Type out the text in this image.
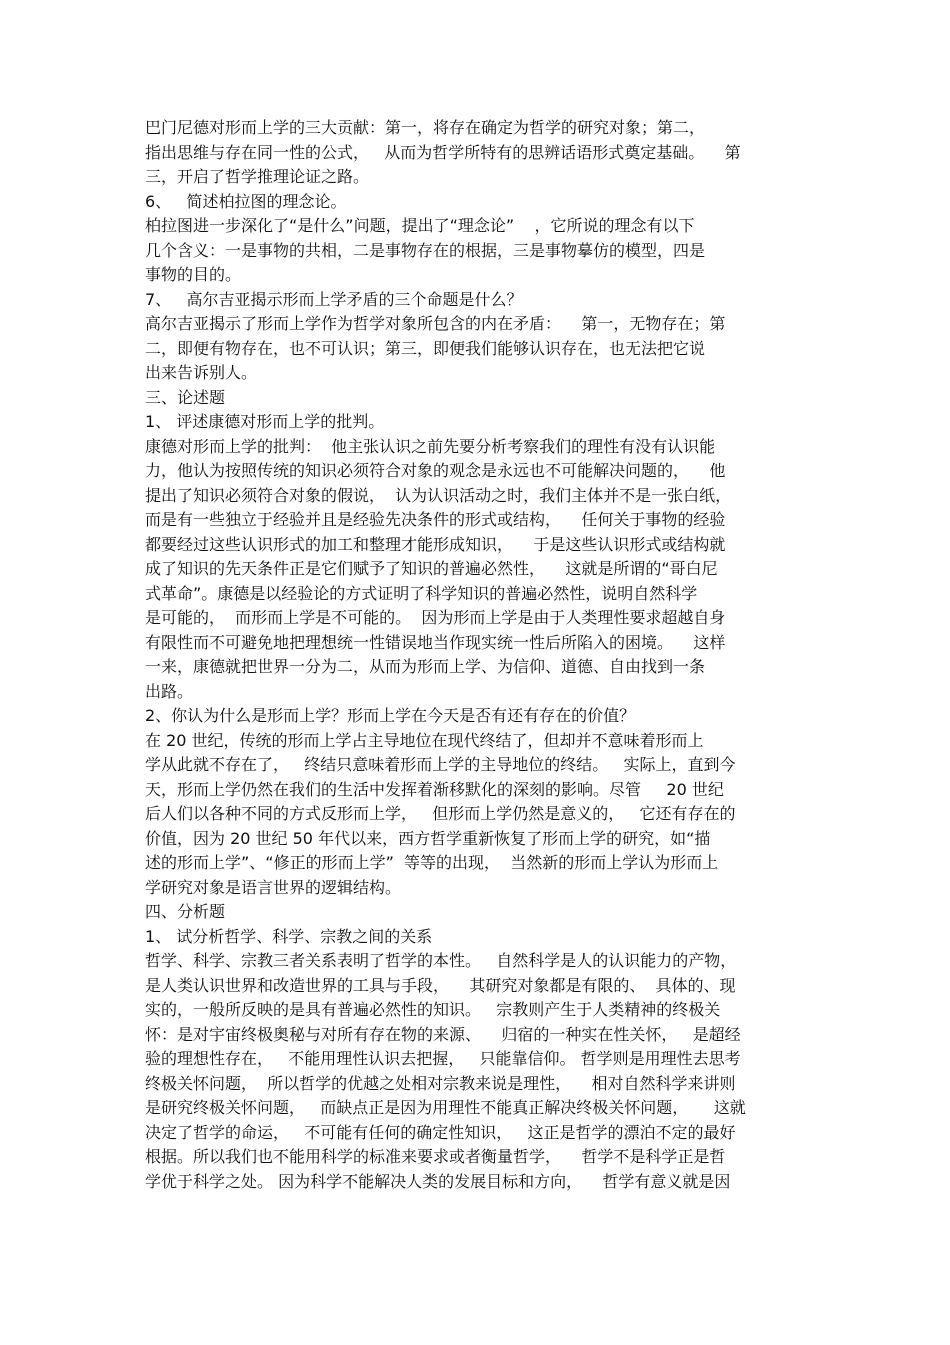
巴门尼德对形而上学的三大贡献：第一，将存在确定为哲学的研究对象；第二，
指出思维与存在同一性的公式，   从而为哲学所特有的思辨话语形式奠定基础。    第
三，开启了哲学推理论证之路。
6、   简述柏拉图的理念论。
柏拉图进一步深化了“是什么”问题，提出了“理念论”    ，它所说的理念有以下
几个含义：一是事物的共相，二是事物存在的根据，三是事物摹仿的模型，四是
事物的目的。
7、   高尔吉亚揭示形而上学矛盾的三个命题是什么？
高尔吉亚揭示了形而上学作为哲学对象所包含的内在矛盾：    第一，无物存在；第
二，即便有物存在，也不可认识；第三，即便我们能够认识存在，也无法把它说
出来告诉别人。
三、论述题
1、 评述康德对形而上学的批判。
康德对形而上学的批判：  他主张认识之前先要分析考察我们的理性有没有认识能
力，他认为按照传统的知识必须符合对象的观念是永远也不可能解决问题的，    他
提出了知识必须符合对象的假说，  认为认识活动之时，我们主体并不是一张白纸，
而是有一些独立于经验并且是经验先决条件的形式或结构，    任何关于事物的经验
都要经过这些认识形式的加工和整理才能形成知识，    于是这些认识形式或结构就
成了知识的先天条件正是它们赋予了知识的普遍必然性，    这就是所谓的“哥白尼
式革命”。康德是以经验论的方式证明了科学知识的普遍必然性，说明自然科学
是可能的，  而形而上学是不可能的。  因为形而上学是由于人类理性要求超越自身
有限性而不可避免地把理想统一性错误地当作现实统一性后所陷入的困境。    这样
一来，康德就把世界一分为二，从而为形而上学、为信仰、道德、自由找到一条
出路。
2、你认为什么是形而上学？形而上学在今天是否有还有存在的价值？
在 20 世纪，传统的形而上学占主导地位在现代终结了，但却并不意味着形而上
学从此就不存在了，   终结只意味着形而上学的主导地位的终结。   实际上，直到今
天，形而上学仍然在我们的生活中发挥着渐移默化的深刻的影响。尽管     20 世纪
后人们以各种不同的方式反形而上学，   但形而上学仍然是意义的，   它还有存在的
价值，因为 20 世纪 50 年代以来，西方哲学重新恢复了形而上学的研究，如“描
述的形而上学”、“修正的形而上学”  等等的出现，  当然新的形而上学认为形而上
学研究对象是语言世界的逻辑结构。
四、分析题
1、 试分析哲学、科学、宗教之间的关系
哲学、科学、宗教三者关系表明了哲学的本性。   自然科学是人的认识能力的产物，
是人类认识世界和改造世界的工具与手段，    其研究对象都是有限的、  具体的、现
实的，一般所反映的是具有普遍必然性的知识。   宗教则产生于人类精神的终极关
怀：是对宇宙终极奥秘与对所有存在物的来源、    归宿的一种实在性关怀，   是超经
验的理想性存在，   不能用理性认识去把握，   只能靠信仰。 哲学则是用理性去思考
终极关怀问题，  所以哲学的优越之处相对宗教来说是理性，    相对自然科学来讲则
是研究终极关怀问题，   而缺点正是因为用理性不能真正解决终极关怀问题，     这就
决定了哲学的命运，   不可能有任何的确定性知识，   这正是哲学的漂泊不定的最好
根据。所以我们也不能用科学的标准来要求或者衡量哲学，    哲学不是科学正是哲
学优于科学之处。 因为科学不能解决人类的发展目标和方向，    哲学有意义就是因
